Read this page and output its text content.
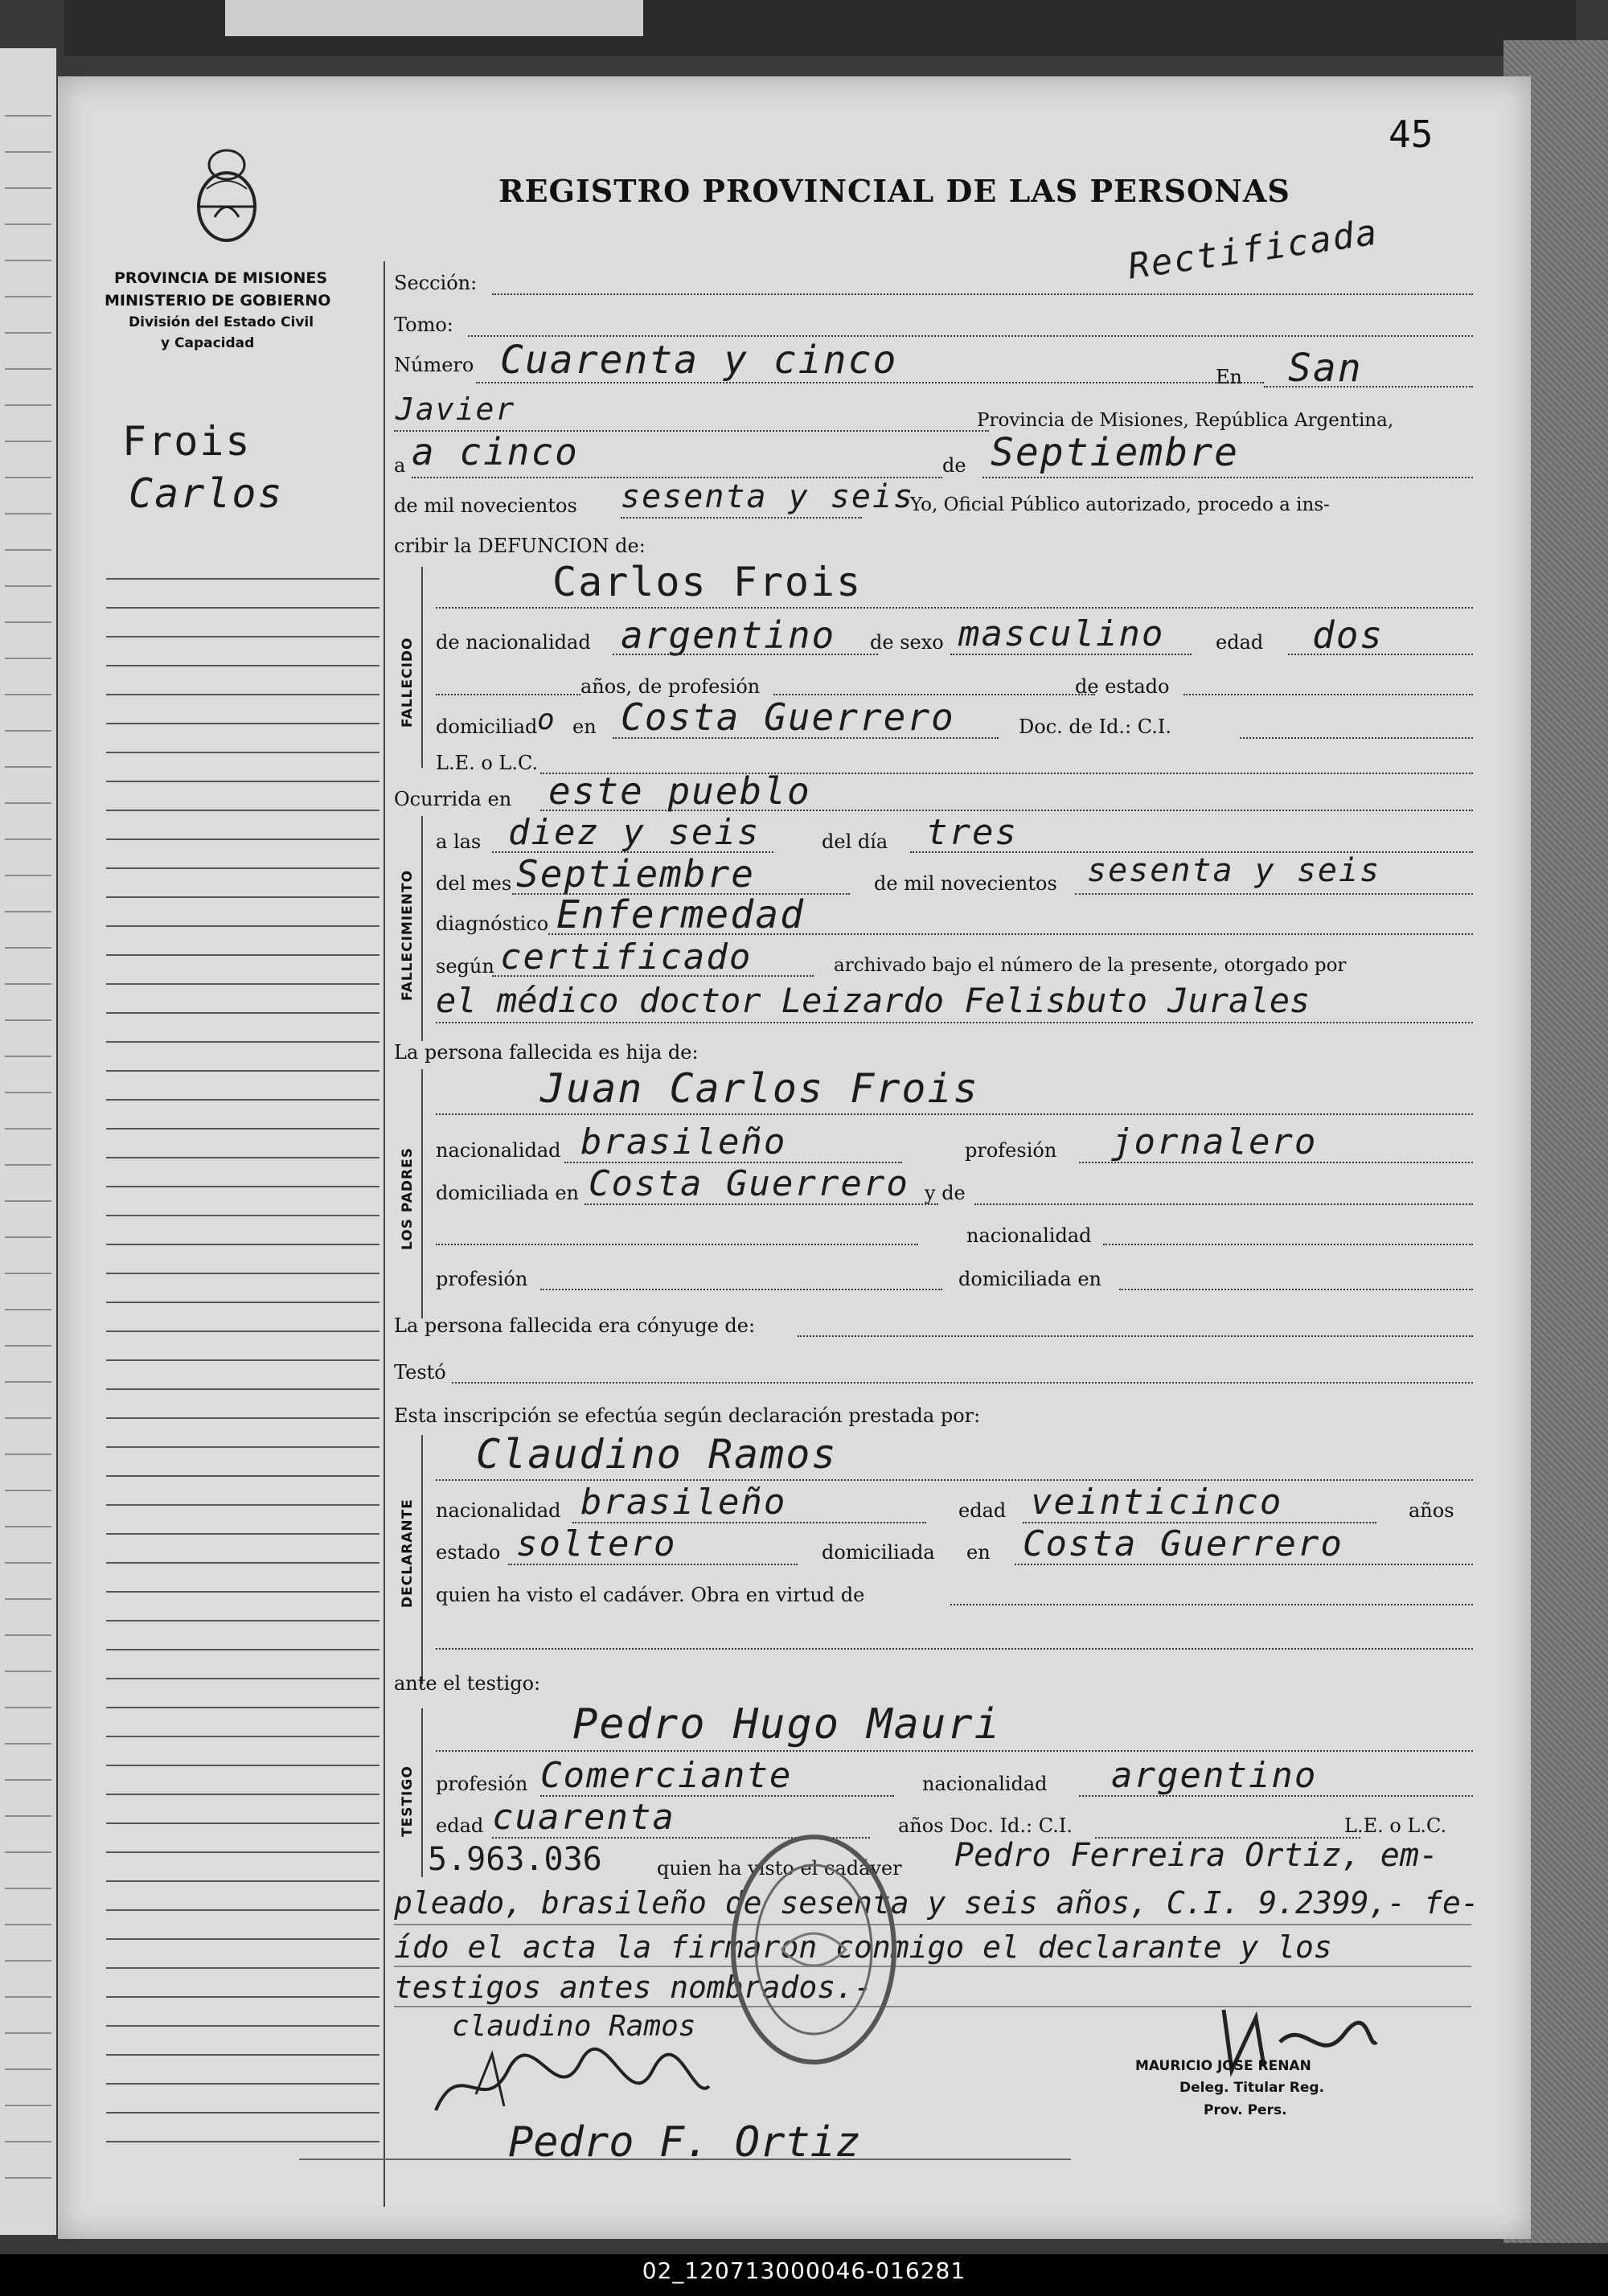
45
PROVINCIA DE MISIONES
MINISTERIO DE GOBIERNO
División del Estado Civil
y Capacidad
REGISTRO PROVINCIAL DE LAS PERSONAS
Rectificada
Frois
Carlos
Sección:
Tomo:
Número Cuarenta y cinco	En San
Javier	Provincia de Misiones, República Argentina,
a a cinco	de Septiembre
de mil novecientos sesenta y seis
Yo, Oficial Público autorizado, procedo a ins-
cribir la DEFUNCION de:
FALLECIDO
Carlos Frois
de nacionalidad argentino de sexo masculino	edad dos
años, de profesión	de estado
domiciliad o en Costa Guerrero	Doc. de Id.: C.I.
L.E. o L.C.
Ocurrida en este pueblo
FALLECIMIENTO
a las diez y seis	del día tres
del mes Septiembre	de mil novecientos sesenta y seis
diagnóstico Enfermedad
según certificado	archivado bajo el número de la presente, otorgado por
el médico doctor Leizardo Felisbuto Jurales
La persona fallecida es hija de:
LOS PADRES
Juan Carlos Frois
nacionalidad brasileño	profesión jornalero
domiciliada en Costa Guerrero y de
nacionalidad
profesión	domiciliada en
La persona fallecida era cónyuge de:
Testó
Esta inscripción se efectúa según declaración prestada por:
DECLARANTE
Claudino Ramos
nacionalidad brasileño	edad veinticinco	años
estado soltero	domiciliada en Costa Guerrero
quien ha visto el cadáver. Obra en virtud de
ante el testigo:
TESTIGO
Pedro Hugo Mauri
profesión Comerciante	nacionalidad argentino
edad cuarenta	años Doc. Id.: C.I.	L.E. o L.C.
5.963.036	quien ha visto el cadáver Pedro Ferreira Ortiz, em-
pleado, brasileño de sesenta y seis años, C.I. 9.2399,- fe-
ído el acta la firmaron conmigo el declarante y los
testigos antes nombrados.-
claudino Ramos
Pedro F. Ortiz
MAURICIO JOSE RENAN
Deleg. Titular Reg.
Prov. Pers.
02_120713000046-016281
